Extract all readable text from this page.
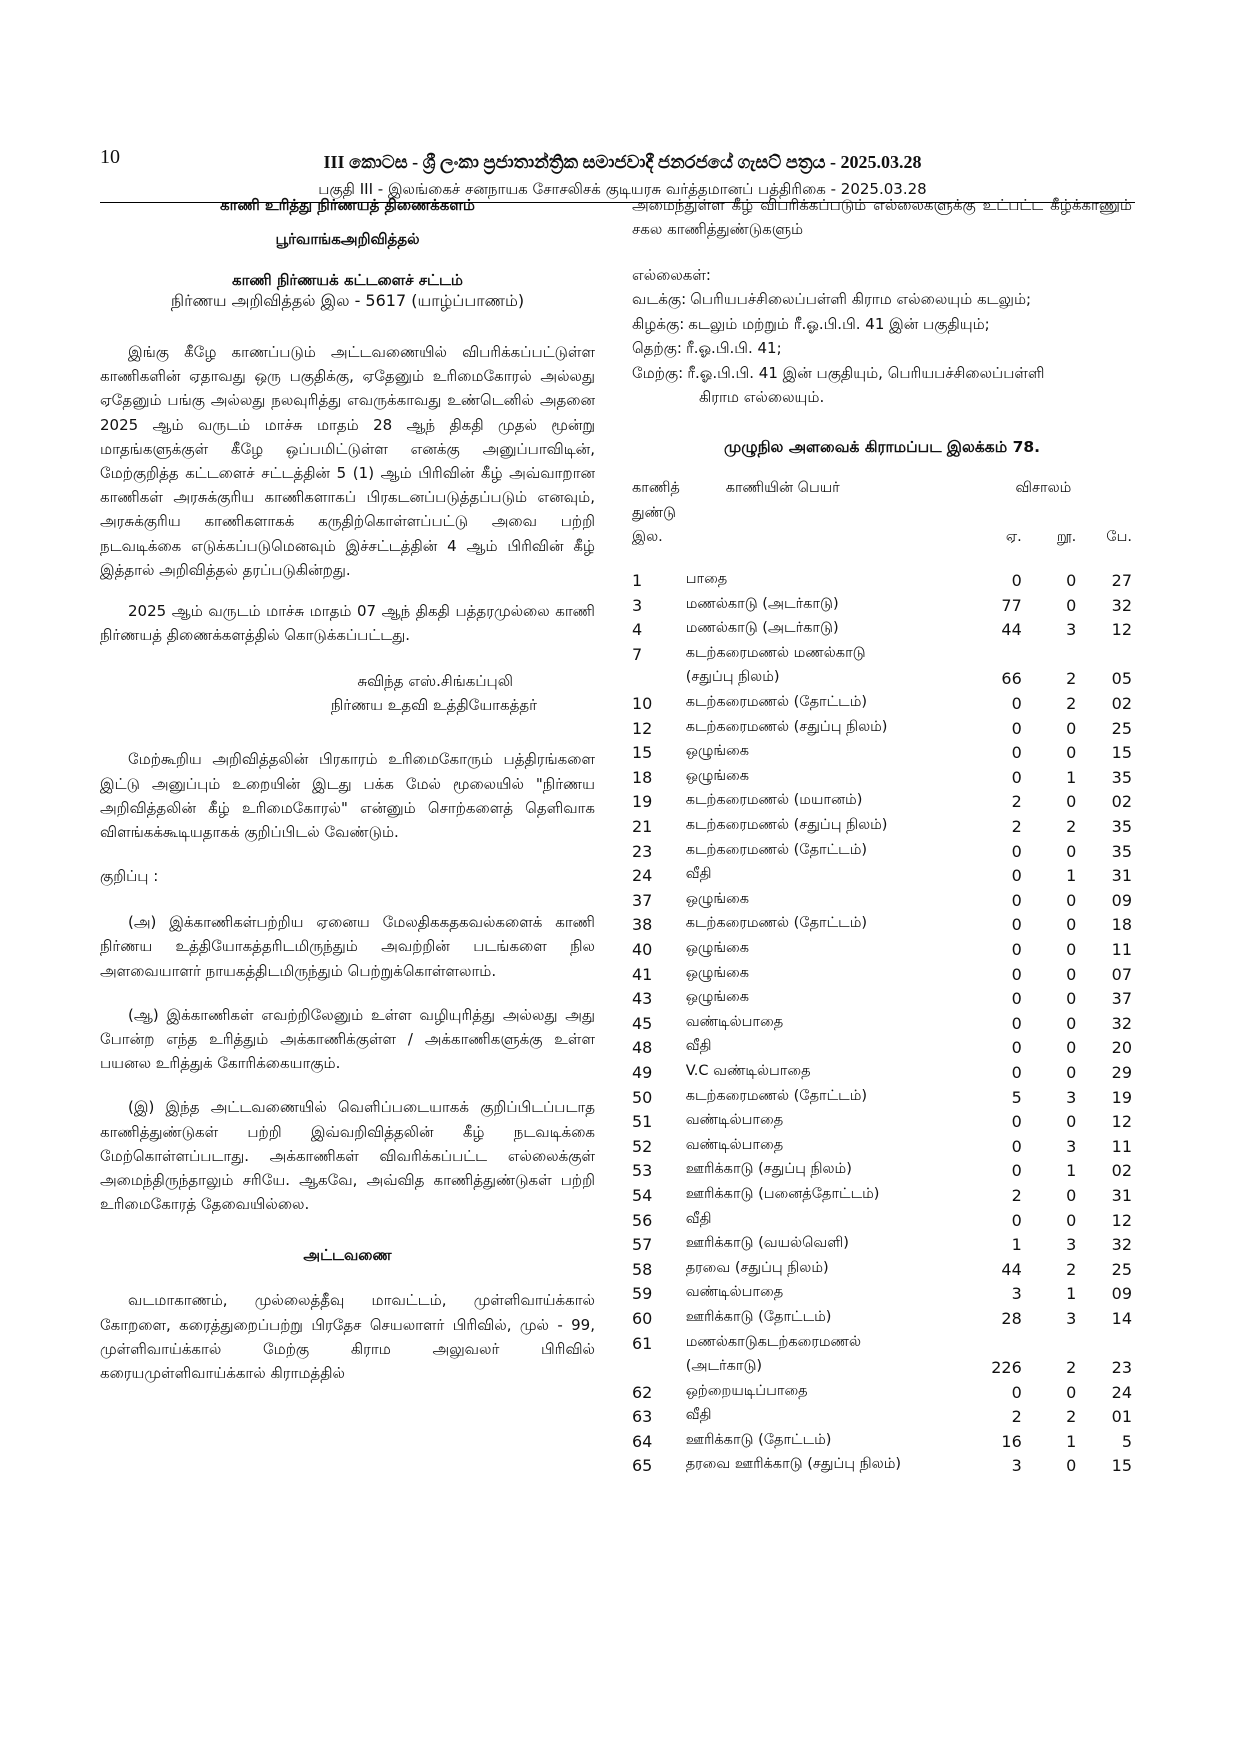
10	III කොටස - ශ්‍රී ලංකා ප්‍රජාතාන්ත්‍රික සමාජවාදී ජනරජයේ ගැසට් පත්‍රය - 2025.03.28
பகுதி III - இலங்கைச் சனநாயக சோசலிசக் குடியரசு வர்த்தமானப் பத்திரிகை - 2025.03.28
காணி உரித்து நிர்ணயத் திணைக்களம்
பூர்வாங்கஅறிவித்தல்
காணி நிர்ணயக் கட்டளைச் சட்டம்
நிர்ணய அறிவித்தல் இல - 5617 (யாழ்ப்பாணம்)

இங்கு கீழே காணப்படும் அட்டவணையில் விபரிக்கப்பட்டுள்ள காணிகளின் ஏதாவது ஒரு பகுதிக்கு, ஏதேனும் உரிமைகோரல் அல்லது ஏதேனும் பங்கு அல்லது நலவுரித்து எவருக்காவது உண்டெனில் அதனை 2025 ஆம் வருடம் மாச்சு மாதம் 28 ஆந் திகதி முதல் மூன்று மாதங்களுக்குள் கீழே ஒப்பமிட்டுள்ள எனக்கு அனுப்பாவிடின், மேற்குறித்த கட்டளைச் சட்டத்தின் 5 (1) ஆம் பிரிவின் கீழ் அவ்வாறான காணிகள் அரசுக்குரிய காணிகளாகப் பிரகடனப்படுத்தப்படும் எனவும், அரசுக்குரிய காணிகளாகக் கருதிற்கொள்ளப்பட்டு அவை பற்றி நடவடிக்கை எடுக்கப்படுமெனவும் இச்சட்டத்தின் 4 ஆம் பிரிவின் கீழ் இத்தால் அறிவித்தல் தரப்படுகின்றது.

2025 ஆம் வருடம் மாச்சு மாதம் 07 ஆந் திகதி பத்தரமுல்லை காணி நிர்ணயத் திணைக்களத்தில் கொடுக்கப்பட்டது.

சுவிந்த எஸ்.சிங்கப்புலி

நிர்ணய உதவி உத்தியோகத்தர்

மேற்கூறிய அறிவித்தலின் பிரகாரம் உரிமைகோரும் பத்திரங்களை இட்டு அனுப்பும் உறையின் இடது பக்க மேல் மூலையில் "நிர்ணய அறிவித்தலின் கீழ் உரிமைகோரல்" என்னும் சொற்களைத் தெளிவாக விளங்கக்கூடியதாகக் குறிப்பிடல் வேண்டும்.

குறிப்பு :

(அ) இக்காணிகள்பற்றிய ஏனைய மேலதிககதகவல்களைக் காணி நிர்ணய உத்தியோகத்தரிடமிருந்தும் அவற்றின் படங்களை நில அளவையாளர் நாயகத்திடமிருந்தும் பெற்றுக்கொள்ளலாம்.

(ஆ) இக்காணிகள் எவற்றிலேனும் உள்ள வழியுரித்து அல்லது அது போன்ற எந்த உரித்தும் அக்காணிக்குள்ள / அக்காணிகளுக்கு உள்ள பயனல உரித்துக் கோரிக்கையாகும்.

(இ) இந்த அட்டவணையில் வெளிப்படையாகக் குறிப்பிடப்படாத காணித்துண்டுகள் பற்றி இவ்வறிவித்தலின் கீழ் நடவடிக்கை மேற்கொள்ளப்படாது. அக்காணிகள் விவரிக்கப்பட்ட எல்லைக்குள் அமைந்திருந்தாலும் சரியே. ஆகவே, அவ்வித காணித்துண்டுகள் பற்றி உரிமைகோரத் தேவையில்லை.

அட்டவணை

வடமாகாணம், முல்லைத்தீவு மாவட்டம், முள்ளிவாய்க்கால் கோறளை, கரைத்துறைப்பற்று பிரதேச செயலாளர் பிரிவில், முல் - 99, முள்ளிவாய்க்கால் மேற்கு கிராம அலுவலர் பிரிவில் கரையமுள்ளிவாய்க்கால் கிராமத்தில்

அமைந்துள்ள கீழ் விபரிக்கப்படும் எல்லைகளுக்கு உட்பட்ட கீழ்க்காணும் சகல காணித்துண்டுகளும்

எல்லைகள்:

வடக்கு: பெரியபச்சிலைப்பள்ளி கிராம எல்லையும் கடலும்;
கிழக்கு: கடலும் மற்றும் ரீ.ஓ.பி.பி. 41 இன் பகுதியும்;
தெற்கு: ரீ.ஓ.பி.பி. 41;
மேற்கு: ரீ.ஓ.பி.பி. 41 இன் பகுதியும், பெரியபச்சிலைப்பள்ளி
கிராம எல்லையும்.
முழுநில அளவைக் கிராமப்பட இலக்கம் 78.
காணித்	காணியின் பெயர்	விசாலம்		
துண்டு				
இல.		ஏ.	றூ.	பே.
1	பாதை	0	0	27
3	மணல்காடு (அடர்காடு)	77	0	32
4	மணல்காடு (அடர்காடு)	44	3	12
7	கடற்கரைமணல் மணல்காடு			
	(சதுப்பு நிலம்)	66	2	05
10	கடற்கரைமணல் (தோட்டம்)	0	2	02
12	கடற்கரைமணல் (சதுப்பு நிலம்)	0	0	25
15	ஒழுங்கை	0	0	15
18	ஒழுங்கை	0	1	35
19	கடற்கரைமணல் (மயானம்)	2	0	02
21	கடற்கரைமணல் (சதுப்பு நிலம்)	2	2	35
23	கடற்கரைமணல் (தோட்டம்)	0	0	35
24	வீதி	0	1	31
37	ஒழுங்கை	0	0	09
38	கடற்கரைமணல் (தோட்டம்)	0	0	18
40	ஒழுங்கை	0	0	11
41	ஒழுங்கை	0	0	07
43	ஒழுங்கை	0	0	37
45	வண்டில்பாதை	0	0	32
48	வீதி	0	0	20
49	V.C வண்டில்பாதை	0	0	29
50	கடற்கரைமணல் (தோட்டம்)	5	3	19
51	வண்டில்பாதை	0	0	12
52	வண்டில்பாதை	0	3	11
53	ஊரிக்காடு (சதுப்பு நிலம்)	0	1	02
54	ஊரிக்காடு (பனைத்தோட்டம்)	2	0	31
56	வீதி	0	0	12
57	ஊரிக்காடு (வயல்வெளி)	1	3	32
58	தரவை (சதுப்பு நிலம்)	44	2	25
59	வண்டில்பாதை	3	1	09
60	ஊரிக்காடு (தோட்டம்)	28	3	14
61	மணல்காடுகடற்கரைமணல்			
	(அடர்காடு)	226	2	23
62	ஒற்றையடிப்பாதை	0	0	24
63	வீதி	2	2	01
64	ஊரிக்காடு (தோட்டம்)	16	1	5
65	தரவை ஊரிக்காடு (சதுப்பு நிலம்)	3	0	15
